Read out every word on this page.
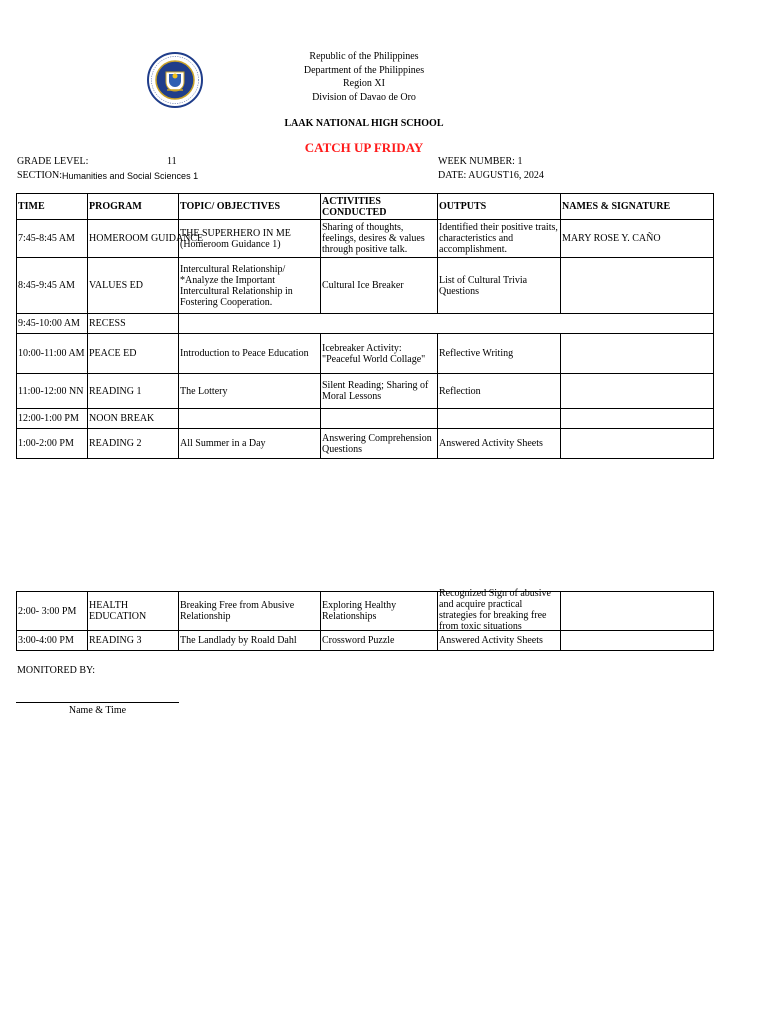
Republic of the Philippines
Department of the Philippines
Region XI
Division of Davao de Oro
LAAK NATIONAL HIGH SCHOOL
CATCH UP FRIDAY
GRADE LEVEL:	11
SECTION: Humanities and Social Sciences 1
WEEK NUMBER: 1
DATE: AUGUST16, 2024
TIME	PROGRAM	TOPIC/ OBJECTIVES	ACTIVITIES CONDUCTED	OUTPUTS	NAMES & SIGNATURE
7:45-8:45 AM	HOMEROOM GUIDANCE	THE SUPERHERO IN ME (Homeroom Guidance 1)	Sharing of thoughts, feelings, desires & values through positive talk.	Identified their positive traits, characteristics and accomplishment.	MARY ROSE Y. CAÑO
8:45-9:45 AM	VALUES ED	Intercultural Relationship/ *Analyze the Important Intercultural Relationship in Fostering Cooperation.	Cultural Ice Breaker	List of Cultural Trivia Questions	
9:45-10:00 AM	RECESS				
10:00-11:00 AM	PEACE ED	Introduction to Peace Education	Icebreaker Activity: "Peaceful World Collage"	Reflective Writing	
11:00-12:00 NN	READING 1	The Lottery	Silent Reading; Sharing of Moral Lessons	Reflection	
12:00-1:00 PM	NOON BREAK				
1:00-2:00 PM	READING 2	All Summer in a Day	Answering Comprehension Questions	Answered Activity Sheets	
2:00- 3:00 PM	HEALTH EDUCATION	Breaking Free from Abusive Relationship	Exploring Healthy Relationships	Recognized Sign of abusive and acquire practical strategies for breaking free from toxic situations	

3:00-4:00 PM	READING 3	The Landlady by Roald Dahl	Crossword Puzzle	Answered Activity Sheets	
MONITORED BY:
Name & Time
